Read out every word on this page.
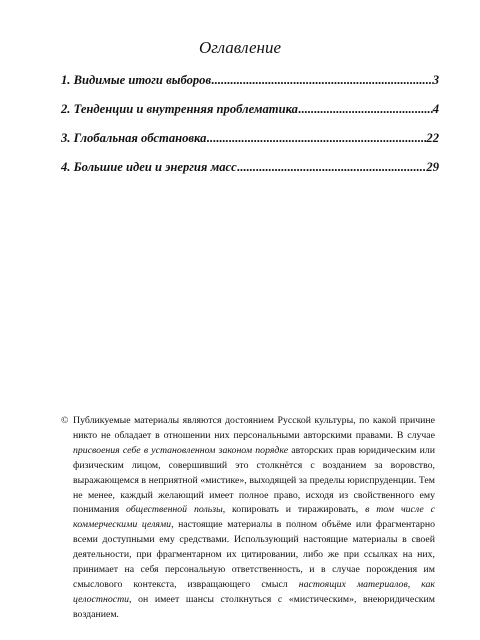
Оглавление
1. Видимые итоги выборов .....	3
2. Тенденции и внутренняя проблематика .....	4
3. Глобальная обстановка .....	22
4. Большие идеи и энергия масс .....	29
© Публикуемые материалы являются достоянием Русской культуры, по какой причине никто не обладает в отношении них персональными авторскими правами. В случае присвоения себе в установленном законом порядке авторских прав юридическим или физическим лицом, совершивший это столкнётся с возданием за воровство, выражающемся в неприятной «мистике», выходящей за пределы юриспруденции. Тем не менее, каждый желающий имеет полное право, исходя из свойственного ему понимания общественной пользы, копировать и тиражировать, в том числе с коммерческими целями, настоящие материалы в полном объёме или фрагментарно всеми доступными ему средствами. Использующий настоящие материалы в своей деятельности, при фрагментарном их цитировании, либо же при ссылках на них, принимает на себя персональную ответственность, и в случае порождения им смыслового контекста, извращающего смысл настоящих материалов, как целостности, он имеет шансы столкнуться с «мистическим», внеюридическим возданием.
